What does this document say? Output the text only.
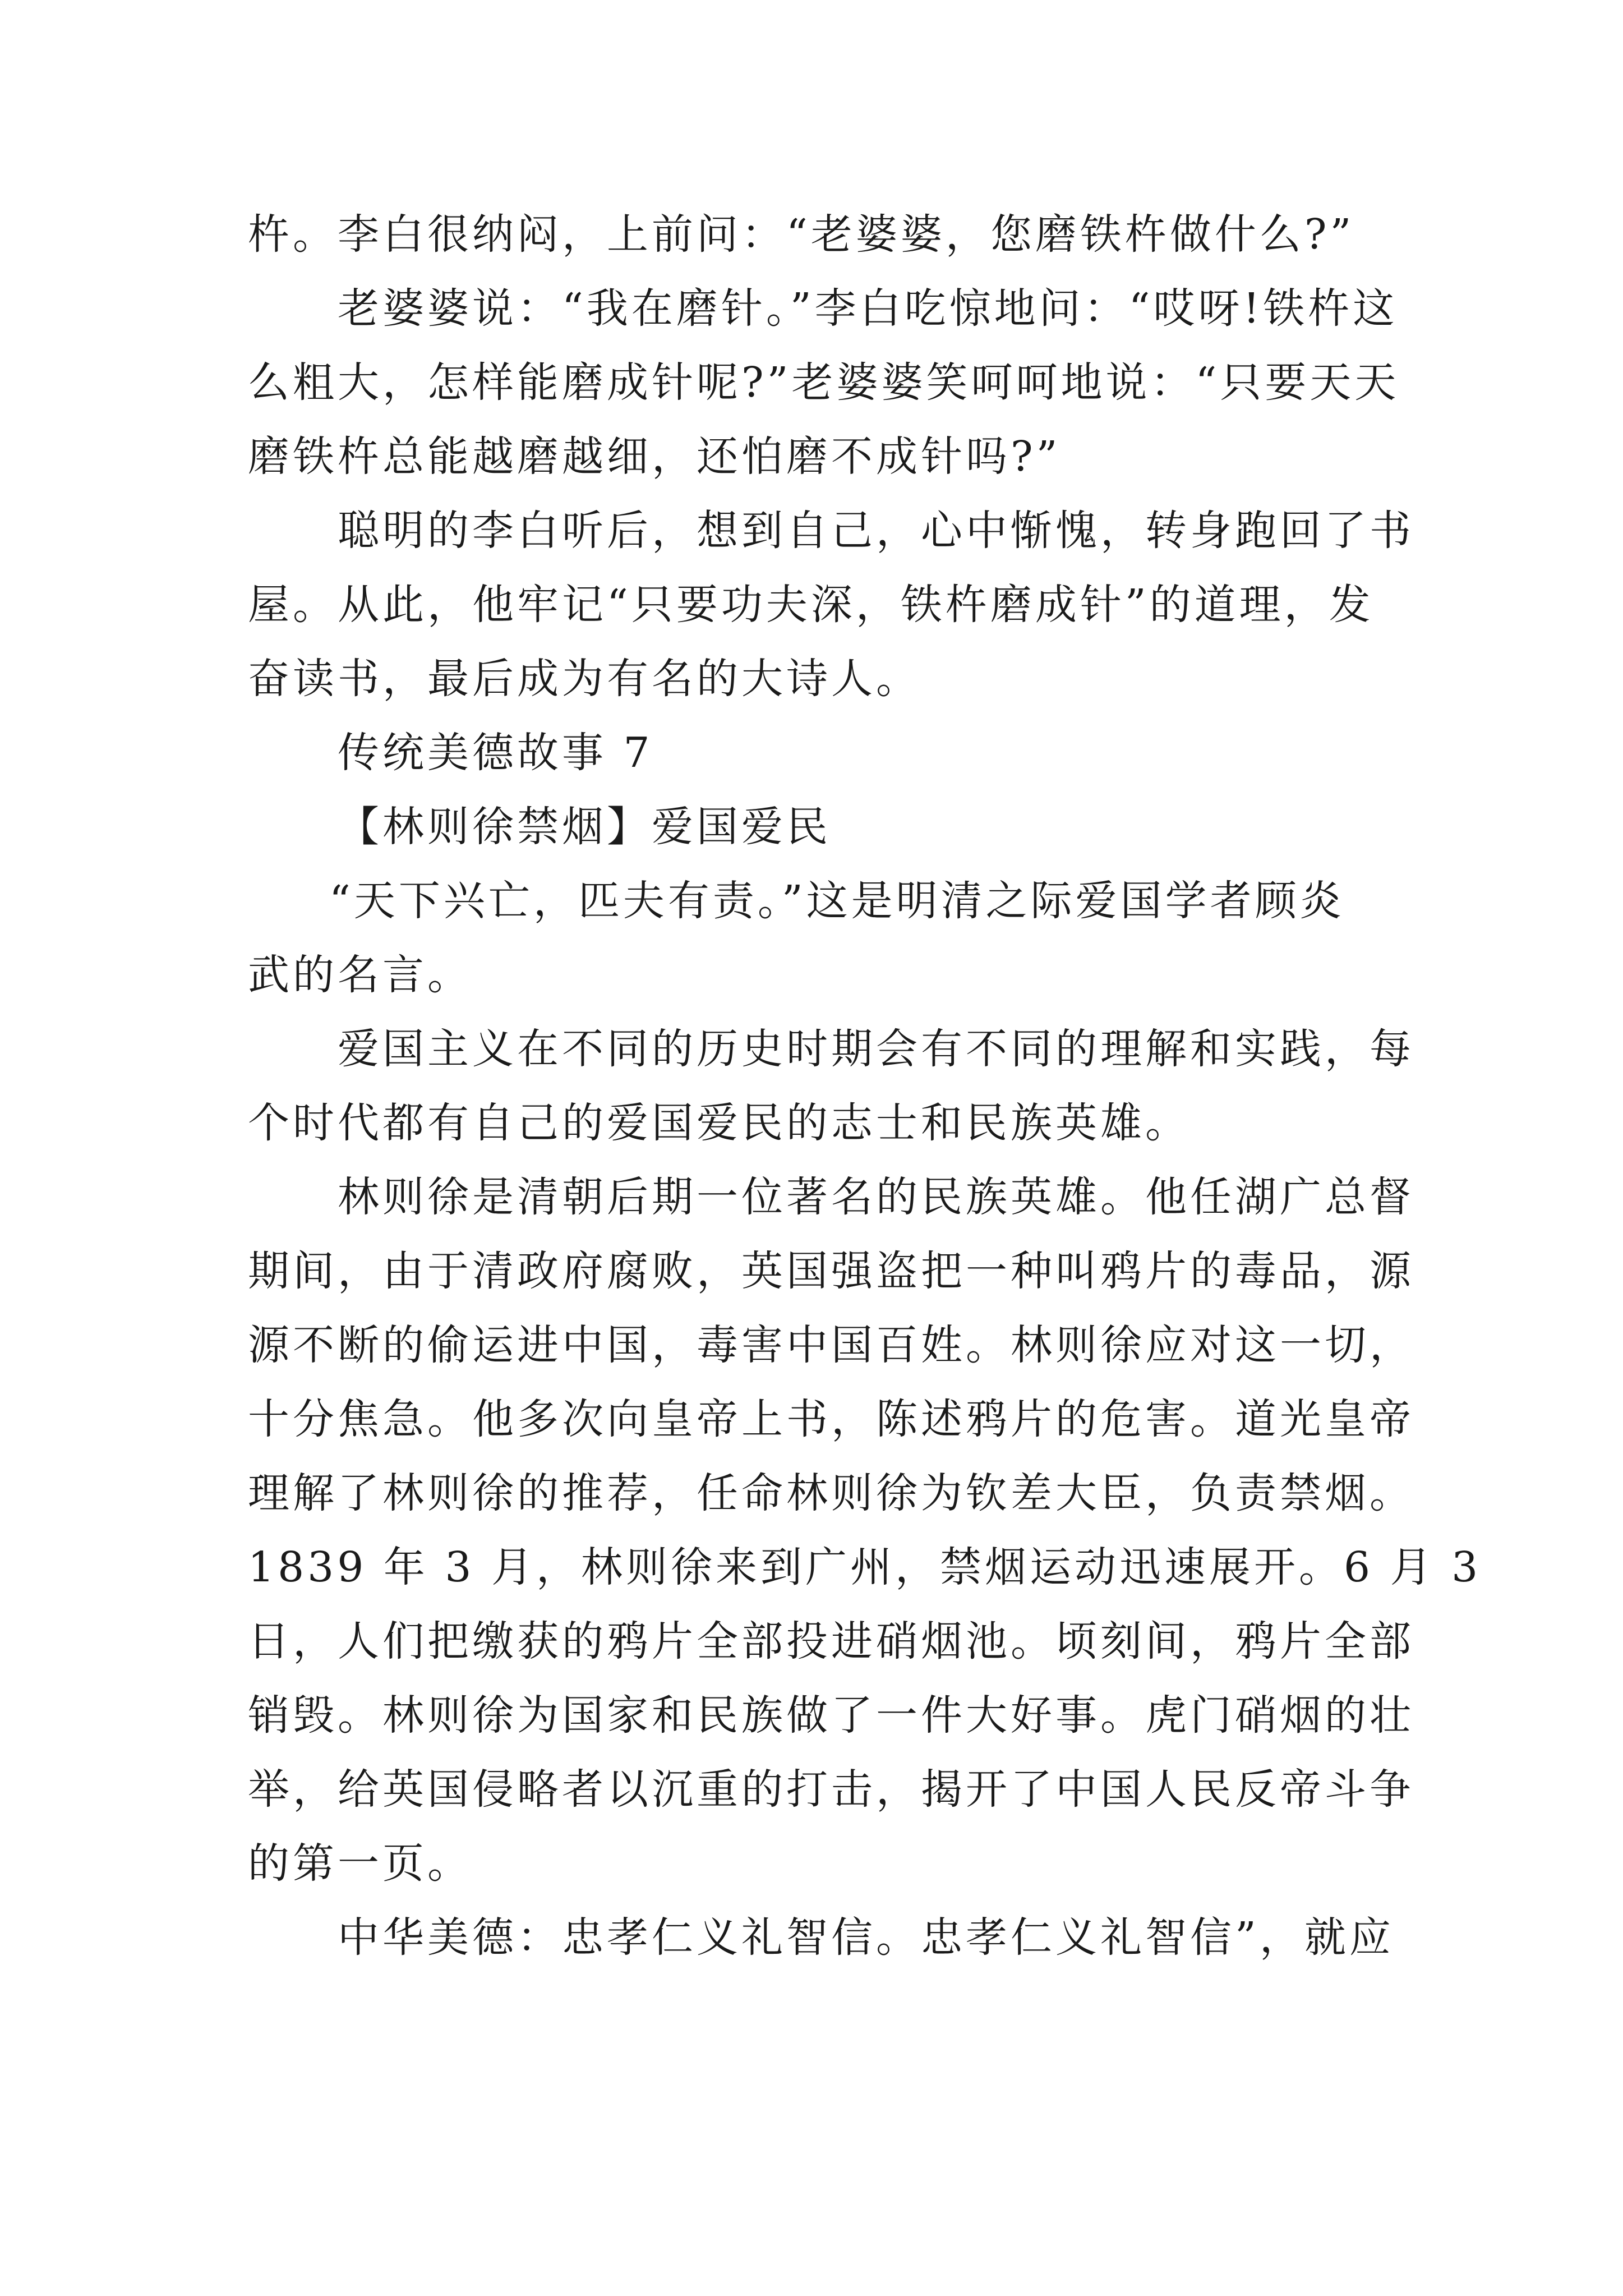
杵。李白很纳闷，上前问：“老婆婆，您磨铁杵做什么?”
老婆婆说：“我在磨针。”李白吃惊地问：“哎呀!铁杵这
么粗大，怎样能磨成针呢?”老婆婆笑呵呵地说：“只要天天
磨铁杵总能越磨越细，还怕磨不成针吗?”
聪明的李白听后，想到自己，心中惭愧，转身跑回了书
屋。从此，他牢记“只要功夫深，铁杵磨成针”的道理，发
奋读书，最后成为有名的大诗人。
传统美德故事 7
【林则徐禁烟】爱国爱民
“天下兴亡，匹夫有责。”这是明清之际爱国学者顾炎
武的名言。
爱国主义在不同的历史时期会有不同的理解和实践，每
个时代都有自己的爱国爱民的志士和民族英雄。
林则徐是清朝后期一位著名的民族英雄。他任湖广总督
期间，由于清政府腐败，英国强盗把一种叫鸦片的毒品，源
源不断的偷运进中国，毒害中国百姓。林则徐应对这一切，
十分焦急。他多次向皇帝上书，陈述鸦片的危害。道光皇帝
理解了林则徐的推荐，任命林则徐为钦差大臣，负责禁烟。
1839 年 3 月，林则徐来到广州，禁烟运动迅速展开。6 月 3
日，人们把缴获的鸦片全部投进硝烟池。顷刻间，鸦片全部
销毁。林则徐为国家和民族做了一件大好事。虎门硝烟的壮
举，给英国侵略者以沉重的打击，揭开了中国人民反帝斗争
的第一页。
中华美德：忠孝仁义礼智信。忠孝仁义礼智信”，就应
